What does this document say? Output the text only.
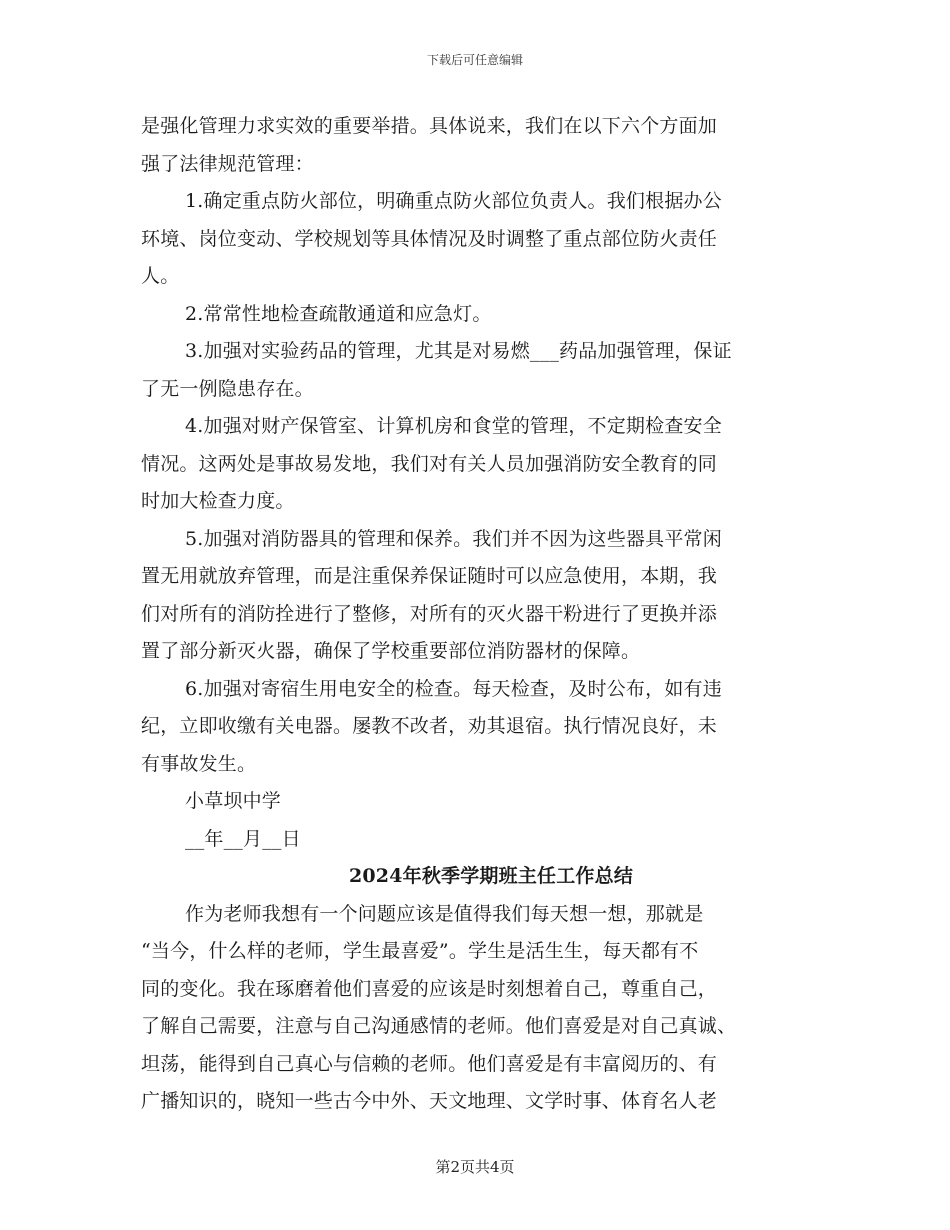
下载后可任意编辑
是强化管理力求实效的重要举措。具体说来，我们在以下六个方面加
强了法律规范管理：
1.确定重点防火部位，明确重点防火部位负责人。我们根据办公
环境、岗位变动、学校规划等具体情况及时调整了重点部位防火责任
人。
2.常常性地检查疏散通道和应急灯。
3.加强对实验药品的管理，尤其是对易燃___药品加强管理，保证
了无一例隐患存在。
4.加强对财产保管室、计算机房和食堂的管理，不定期检查安全
情况。这两处是事故易发地，我们对有关人员加强消防安全教育的同
时加大检查力度。
5.加强对消防器具的管理和保养。我们并不因为这些器具平常闲
置无用就放弃管理，而是注重保养保证随时可以应急使用，本期，我
们对所有的消防拴进行了整修，对所有的灭火器干粉进行了更换并添
置了部分新灭火器，确保了学校重要部位消防器材的保障。
6.加强对寄宿生用电安全的检查。每天检查，及时公布，如有违
纪，立即收缴有关电器。屡教不改者，劝其退宿。执行情况良好，未
有事故发生。
小草坝中学
__年__月__日
2024年秋季学期班主任工作总结
作为老师我想有一个问题应该是值得我们每天想一想，那就是
“当今，什么样的老师，学生最喜爱”。学生是活生生，每天都有不
同的变化。我在琢磨着他们喜爱的应该是时刻想着自己，尊重自己，
了解自己需要，注意与自己沟通感情的老师。他们喜爱是对自己真诚、
坦荡，能得到自己真心与信赖的老师。他们喜爱是有丰富阅历的、有
广播知识的，晓知一些古今中外、天文地理、文学时事、体育名人老
第2页共4页
